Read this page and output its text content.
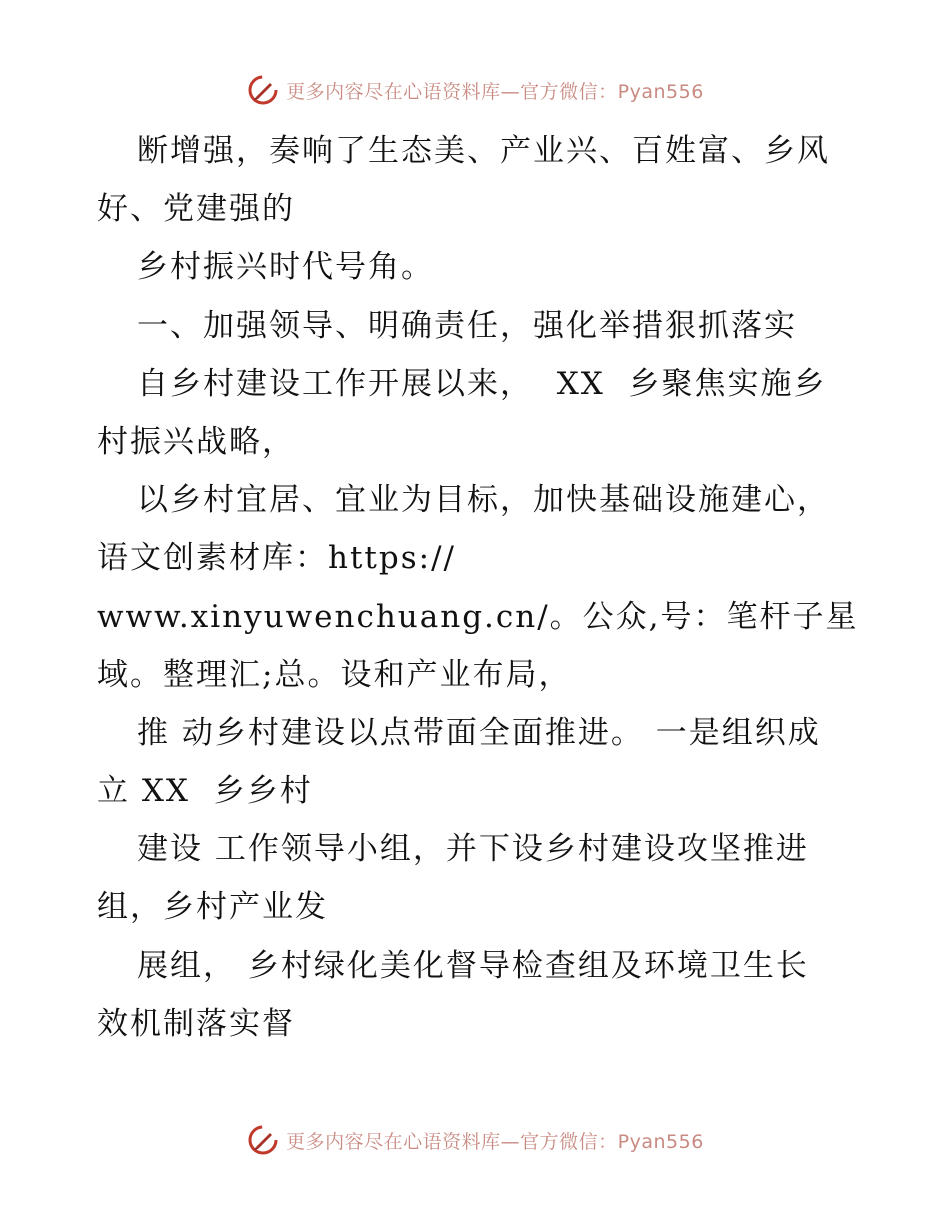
更多内容尽在心语资料库—官方微信：Pyan556
断增强，奏响了生态美、产业兴、百姓富、乡风
好、党建强的
乡村振兴时代号角。
一、加强领导、明确责任，强化举措狠抓落实
自乡村建设工作开展以来，  XX  乡聚焦实施乡
村振兴战略，
以乡村宜居、宜业为目标，加快基础设施建心，
语文创素材库：https://
www.xinyuwenchuang.cn/。公众,号：笔杆子星
域。整理汇;总。设和产业布局，
推 动乡村建设以点带面全面推进。 一是组织成
立 XX  乡乡村
建设 工作领导小组，并下设乡村建设攻坚推进
组，乡村产业发
展组， 乡村绿化美化督导检查组及环境卫生长
效机制落实督
更多内容尽在心语资料库—官方微信：Pyan556
